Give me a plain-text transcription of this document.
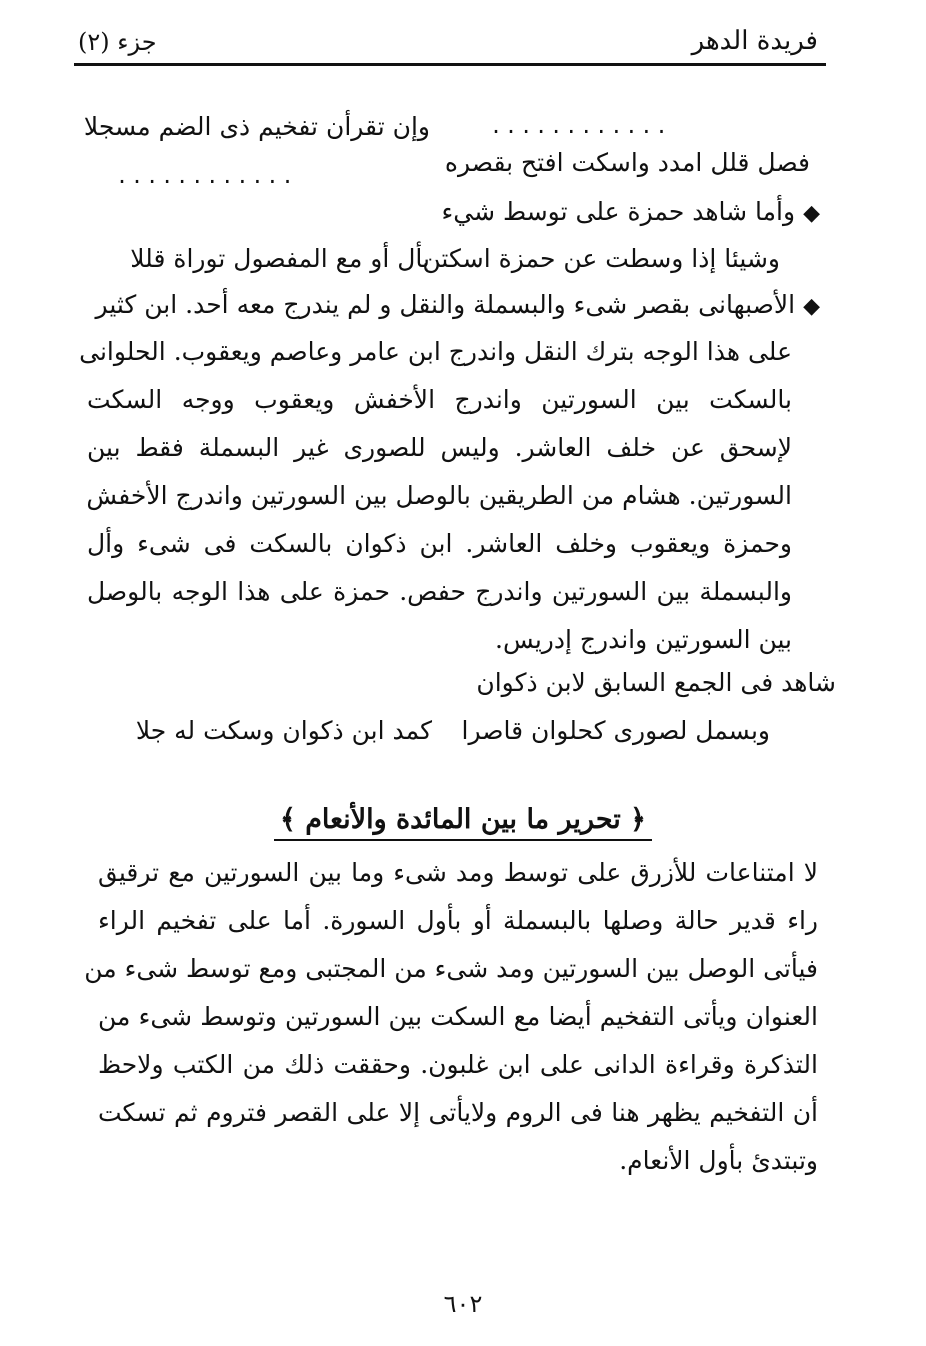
فريدة الدهر
جزء (٢)
............
وإن تقرأن تفخيم ذى الضم مسجلا
فصل قلل امدد واسكت افتح بقصره
............
◆وأما شاهد حمزة على توسط شيء
وشيئا إذا وسطت عن حمزة اسكتن
بأل أو مع المفصول توراة قللا
◆الأصبهانى بقصر شىء والبسملة والنقل و لم يندرج معه أحد. ابن كثير
على هذا الوجه بترك النقل واندرج ابن عامر وعاصم ويعقوب. الحلوانى
بالسكت بين السورتين واندرج الأخفش ويعقوب ووجه السكت
لإسحق عن خلف العاشر. وليس للصورى غير البسملة فقط بين
السورتين. هشام من الطريقين بالوصل بين السورتين واندرج الأخفش
وحمزة ويعقوب وخلف العاشر. ابن ذكوان بالسكت فى شىء وأل
والبسملة بين السورتين واندرج حفص. حمزة على هذا الوجه بالوصل
بين السورتين واندرج إدريس.
شاهد فى الجمع السابق لابن ذكوان
وبسمل لصورى كحلوان قاصرا
كمد ابن ذكوان وسكت له جلا
﴿ تحرير ما بين المائدة والأنعام ﴾
لا امتناعات للأزرق على توسط ومد شىء وما بين السورتين مع ترقيق
راء قدير حالة وصلها بالبسملة أو بأول السورة. أما على تفخيم الراء
فيأتى الوصل بين السورتين ومد شىء من المجتبى ومع توسط شىء من
العنوان ويأتى التفخيم أيضا مع السكت بين السورتين وتوسط شىء من
التذكرة وقراءة الدانى على ابن غلبون. وحققت ذلك من الكتب ولاحظ
أن التفخيم يظهر هنا فى الروم ولايأتى إلا على القصر فتروم ثم تسكت
وتبتدئ بأول الأنعام.
٦٠٢
